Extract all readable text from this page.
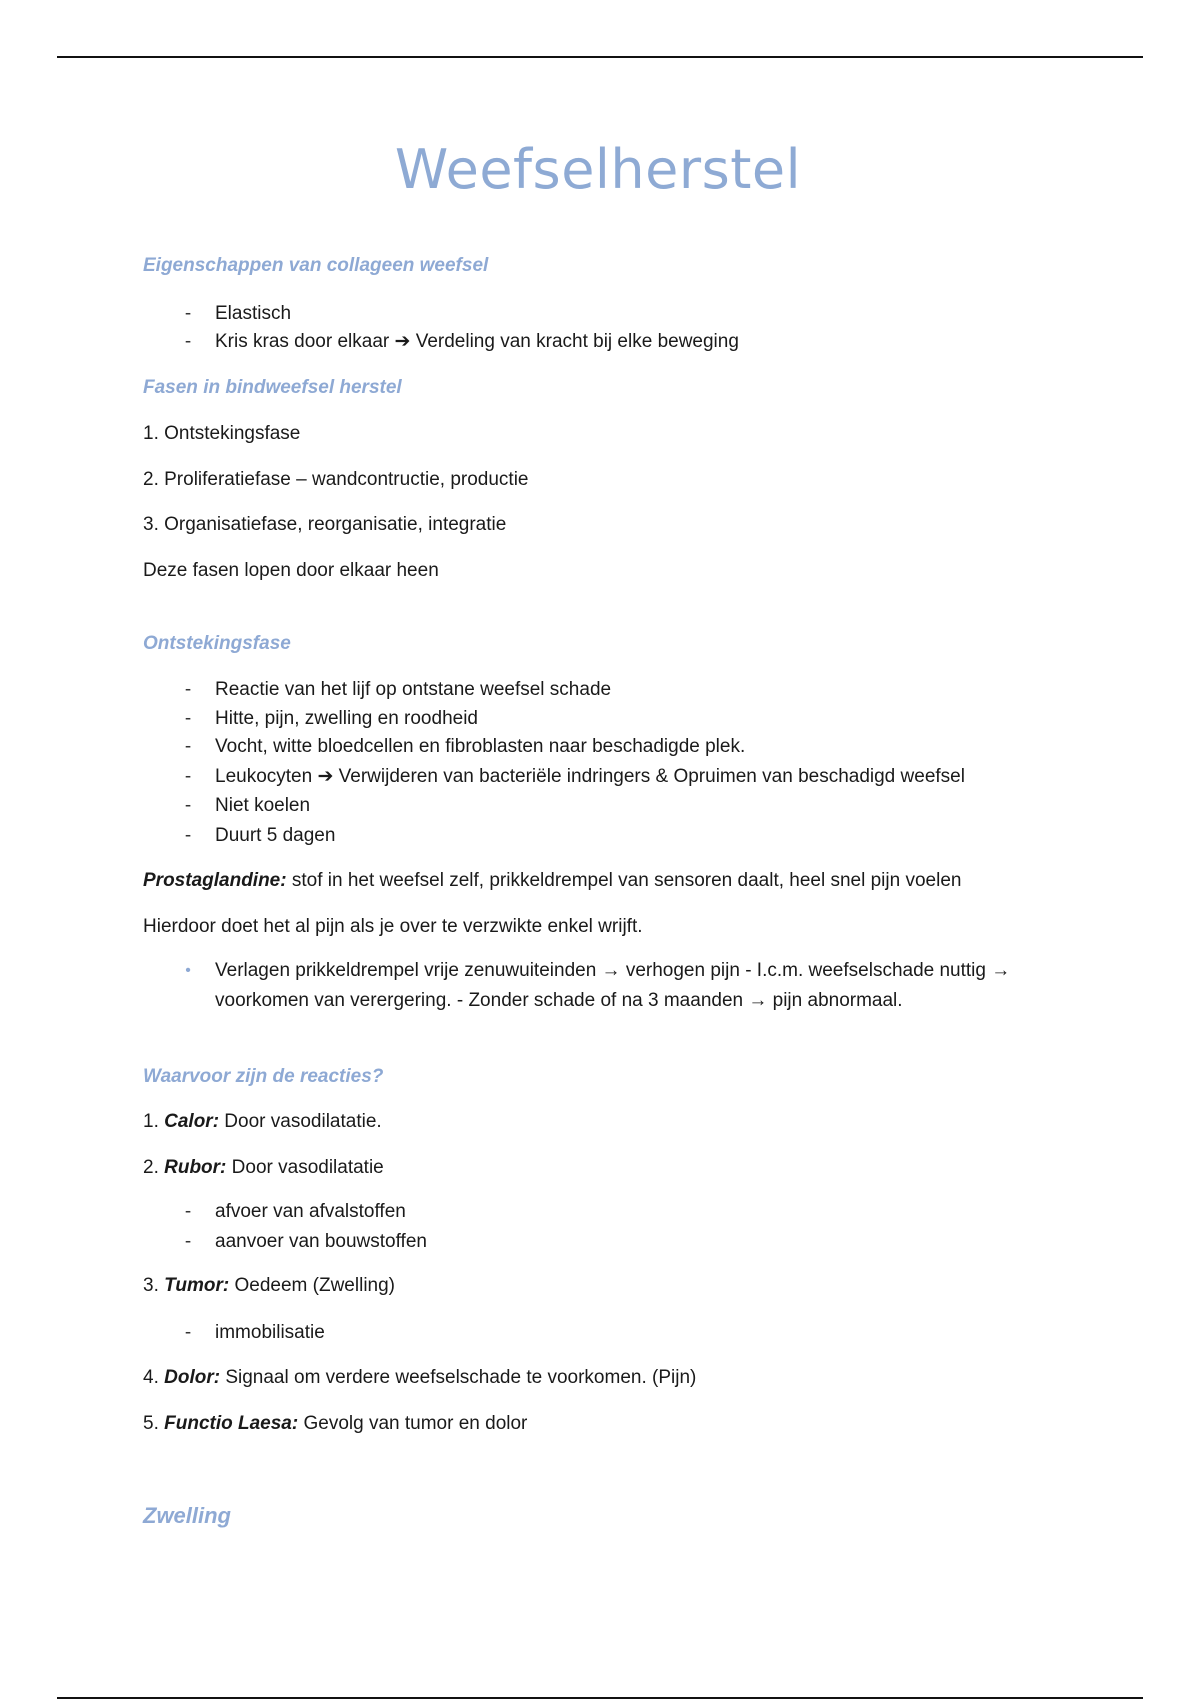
Weefselherstel
Eigenschappen van collageen weefsel

- Elastisch

- Kris kras door elkaar ➔ Verdeling van kracht bij elke beweging

Fasen in bindweefsel herstel

1. Ontstekingsfase

2. Proliferatiefase – wandcontructie, productie

3. Organisatiefase, reorganisatie, integratie

Deze fasen lopen door elkaar heen

Ontstekingsfase

- Reactie van het lijf op ontstane weefsel schade

- Hitte, pijn, zwelling en roodheid

- Vocht, witte bloedcellen en fibroblasten naar beschadigde plek.

- Leukocyten ➔ Verwijderen van bacteriële indringers & Opruimen van beschadigd weefsel

- Niet koelen

- Duurt 5 dagen

Prostaglandine: stof in het weefsel zelf, prikkeldrempel van sensoren daalt, heel snel pijn voelen

Hierdoor doet het al pijn als je over te verzwikte enkel wrijft.

• Verlagen prikkeldrempel vrije zenuwuiteinden → verhogen pijn - I.c.m. weefselschade nuttig → voorkomen van verergering. - Zonder schade of na 3 maanden → pijn abnormaal.

Waarvoor zijn de reacties?

1. Calor: Door vasodilatatie.

2. Rubor: Door vasodilatatie

- afvoer van afvalstoffen

- aanvoer van bouwstoffen

3. Tumor: Oedeem (Zwelling)

- immobilisatie

4. Dolor: Signaal om verdere weefselschade te voorkomen. (Pijn)

5. Functio Laesa: Gevolg van tumor en dolor

Zwelling
